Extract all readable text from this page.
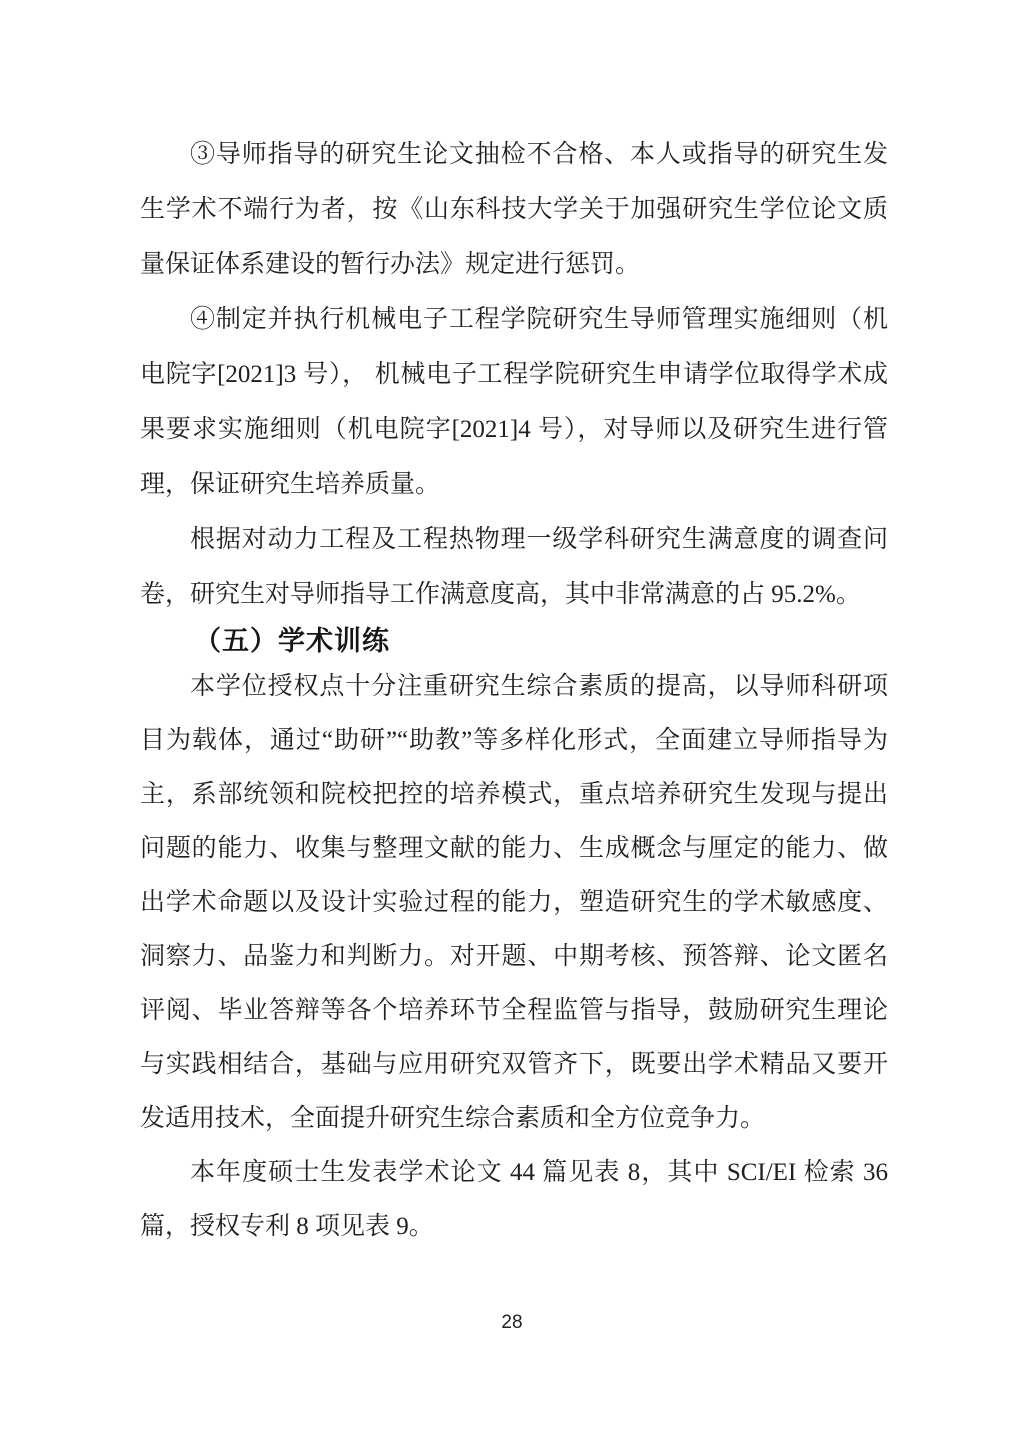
③导师指导的研究生论文抽检不合格、本人或指导的研究生发生学术不端行为者，按《山东科技大学关于加强研究生学位论文质量保证体系建设的暂行办法》规定进行惩罚。

④制定并执行机械电子工程学院研究生导师管理实施细则（机电院字[2021]3 号）， 机械电子工程学院研究生申请学位取得学术成果要求实施细则（机电院字[2021]4 号），对导师以及研究生进行管理，保证研究生培养质量。

根据对动力工程及工程热物理一级学科研究生满意度的调查问卷，研究生对导师指导工作满意度高，其中非常满意的占 95.2%。

（五）学术训练

本学位授权点十分注重研究生综合素质的提高，以导师科研项目为载体，通过“助研”“助教”等多样化形式，全面建立导师指导为主，系部统领和院校把控的培养模式，重点培养研究生发现与提出问题的能力、收集与整理文献的能力、生成概念与厘定的能力、做出学术命题以及设计实验过程的能力，塑造研究生的学术敏感度、洞察力、品鉴力和判断力。对开题、中期考核、预答辩、论文匿名评阅、毕业答辩等各个培养环节全程监管与指导，鼓励研究生理论与实践相结合，基础与应用研究双管齐下，既要出学术精品又要开发适用技术，全面提升研究生综合素质和全方位竞争力。

本年度硕士生发表学术论文 44 篇见表 8，其中 SCI/EI 检索 36 篇，授权专利 8 项见表 9。

28
